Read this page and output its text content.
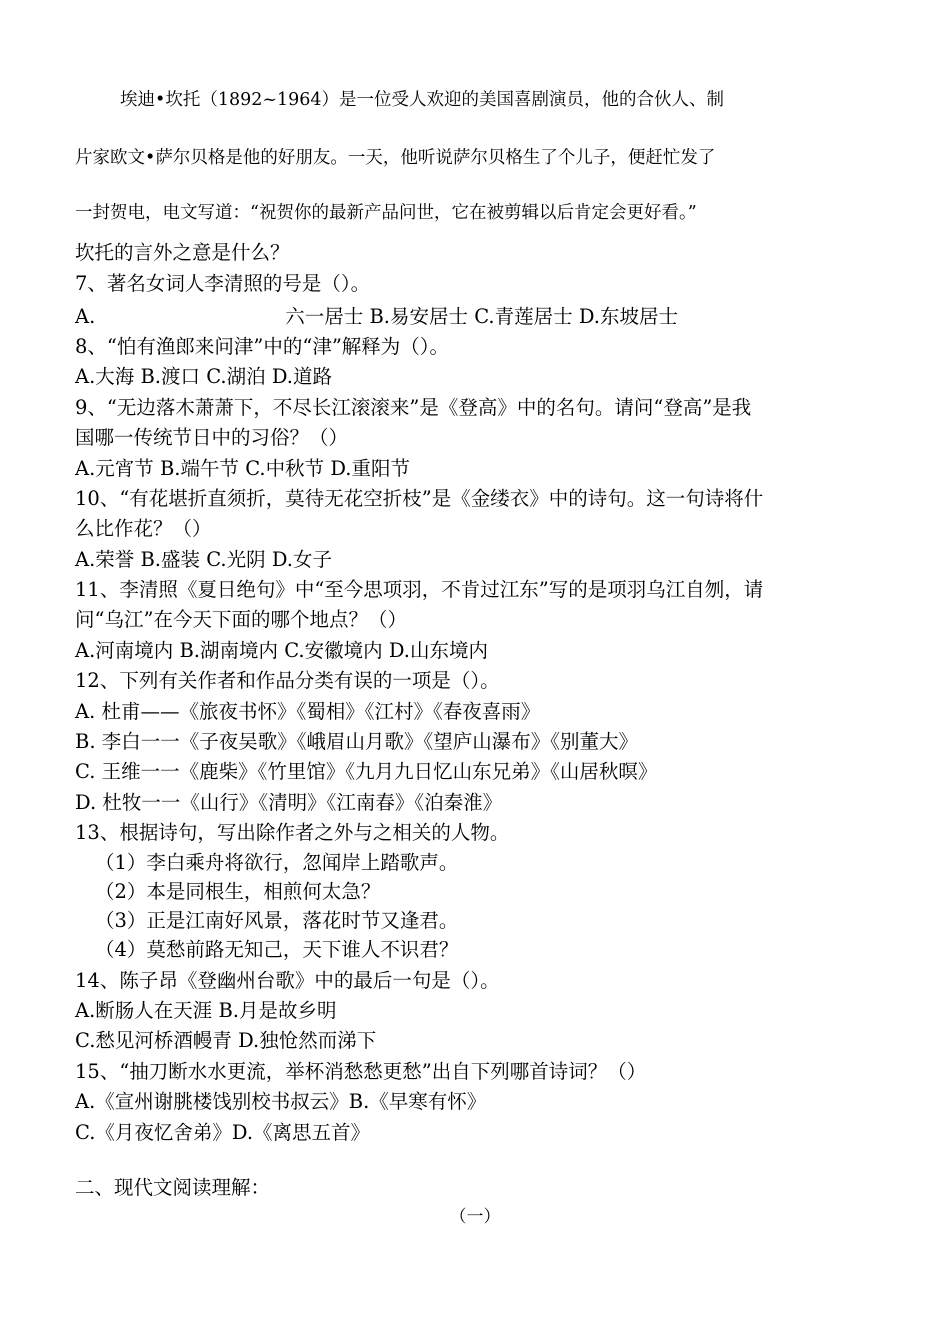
埃迪•坎托（1892~1964）是一位受人欢迎的美国喜剧演员，他的合伙人、制
片家欧文•萨尔贝格是他的好朋友。一天，他听说萨尔贝格生了个儿子，便赶忙发了
一封贺电，电文写道：“祝贺你的最新产品问世，它在被剪辑以后肯定会更好看。”
坎托的言外之意是什么？
7、著名女词人李清照的号是（）。
A.	六一居士 B.易安居士 C.青莲居士 D.东坡居士
8、“怕有渔郎来问津”中的“津”解释为（）。
A.大海 B.渡口 C.湖泊 D.道路
9、“无边落木萧萧下，不尽长江滚滚来”是《登高》中的名句。请问“登高”是我
国哪一传统节日中的习俗？（）
A.元宵节 B.端午节 C.中秋节 D.重阳节
10、“有花堪折直须折，莫待无花空折枝”是《金缕衣》中的诗句。这一句诗将什
么比作花？（）
A.荣誉 B.盛装 C.光阴 D.女子
11、李清照《夏日绝句》中“至今思项羽，不肯过江东”写的是项羽乌江自刎，请
问“乌江”在今天下面的哪个地点？（）
A.河南境内 B.湖南境内 C.安徽境内 D.山东境内
12、下列有关作者和作品分类有误的一项是（）。
A. 杜甫——《旅夜书怀》《蜀相》《江村》《春夜喜雨》
B. 李白一一《子夜吴歌》《峨眉山月歌》《望庐山瀑布》《别董大》
C. 王维一一《鹿柴》《竹里馆》《九月九日忆山东兄弟》《山居秋暝》
D. 杜牧一一《山行》《清明》《江南春》《泊秦淮》
13、根据诗句，写出除作者之外与之相关的人物。
（1）李白乘舟将欲行，忽闻岸上踏歌声。
（2）本是同根生，相煎何太急？
（3）正是江南好风景，落花时节又逢君。
（4）莫愁前路无知己，天下谁人不识君？
14、陈子昂《登幽州台歌》中的最后一句是（）。
A.断肠人在天涯 B.月是故乡明
C.愁见河桥酒幔青 D.独怆然而涕下
15、“抽刀断水水更流，举杯消愁愁更愁”出自下列哪首诗词？（）
A.《宣州谢朓楼饯别校书叔云》B.《早寒有怀》
C.《月夜忆舍弟》D.《离思五首》
二、现代文阅读理解：
（一）
